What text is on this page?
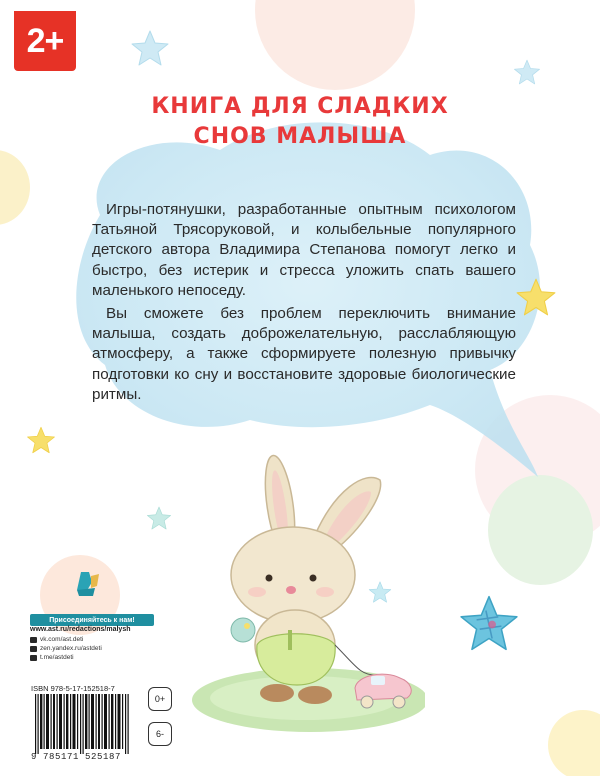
2+
КНИГА ДЛЯ СЛАДКИХ
СНОВ МАЛЫША

Игры-потянушки, разработанные опытным психологом Татьяной Трясоруковой, и колыбельные популярного детского автора Владимира Степанова помогут легко и быстро, без истерик и стресса уложить спать вашего маленького непоседу.

Вы сможете без проблем переключить внимание малыша, создать доброжелательную, расслабляющую атмосферу, а также сформируете полезную привычку подготовки ко сну и восстановите здоровые биологические ритмы.

Присоединяйтесь к нам!
www.ast.ru/redactions/malysh
vk.com/ast.deti
zen.yandex.ru/astdeti
t.me/astdeti
ISBN 978-5-17-152518-7
9 785171 525187
0+
6-
